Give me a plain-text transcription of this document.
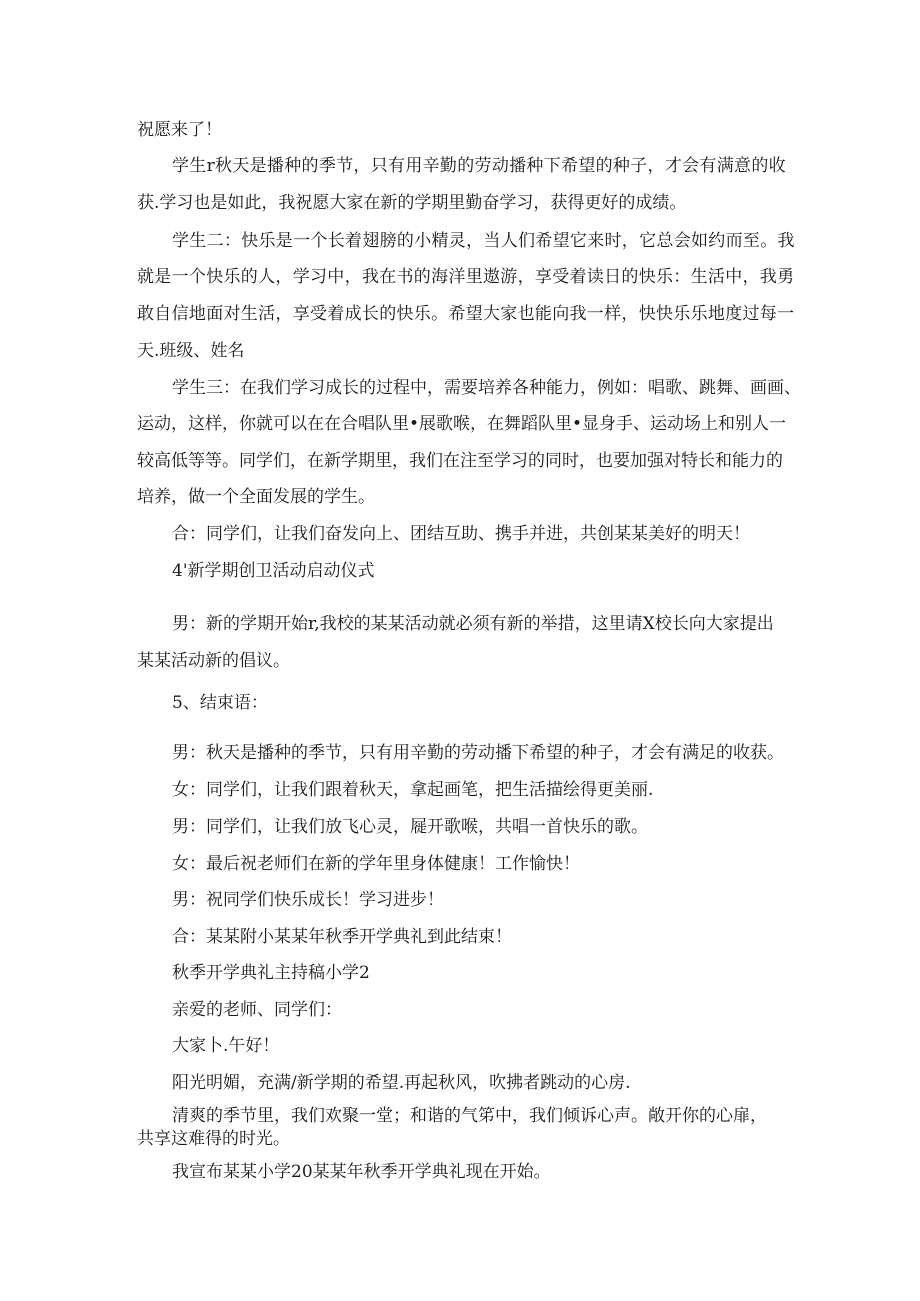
祝愿来了！

学生r秋天是播种的季节，只有用辛勤的劳动播种下希望的种子，才会有满意的收

获.学习也是如此，我祝愿大家在新的学期里勤奋学习，获得更好的成绩。

学生二：快乐是一个长着翅膀的小精灵，当人们希望它来时，它总会如约而至。我

就是一个快乐的人，学习中，我在书的海洋里遨游，享受着读日的快乐：生活中，我勇

敢自信地面对生活，享受着成长的快乐。希望大家也能向我一样，快快乐乐地度过每一

天.班级、姓名

学生三：在我们学习成长的过程中，需要培养各种能力，例如：唱歌、跳舞、画画、

运动，这样，你就可以在在合唱队里•展歌喉，在舞蹈队里•显身手、运动场上和别人一

较高低等等。同学们，在新学期里，我们在注至学习的同时，也要加强对特长和能力的

培养，做一个全面发展的学生。

合：同学们，让我们奋发向上、团结互助、携手并进，共创某某美好的明天！

4'新学期创卫活动启动仪式

男：新的学期开始r,我校的某某活动就必须有新的举措，这里请X校长向大家提出

某某活动新的倡议。

5、结束语：

男：秋天是播种的季节，只有用辛勤的劳动播下希望的种子，才会有满足的收获。

女：同学们，让我们跟着秋天，拿起画笔，把生活描绘得更美丽.

男：同学们，让我们放飞心灵，屣开歌喉，共唱一首快乐的歌。

女：最后祝老师们在新的学年里身体健康！工作愉快！

男：祝同学们快乐成长！学习进步！

合：某某附小某某年秋季开学典礼到此结束！

秋季开学典礼主持稿小学2

亲爱的老师、同学们：

大家卜.午好！

阳光明媚，充满/新学期的希望.再起秋风，吹拂者跳动的心房.

清爽的季节里，我们欢聚一堂；和谐的气笫中，我们倾诉心声。敞开你的心扉，

共享这难得的时光。

我宣布某某小学20某某年秋季开学典礼现在开始。
